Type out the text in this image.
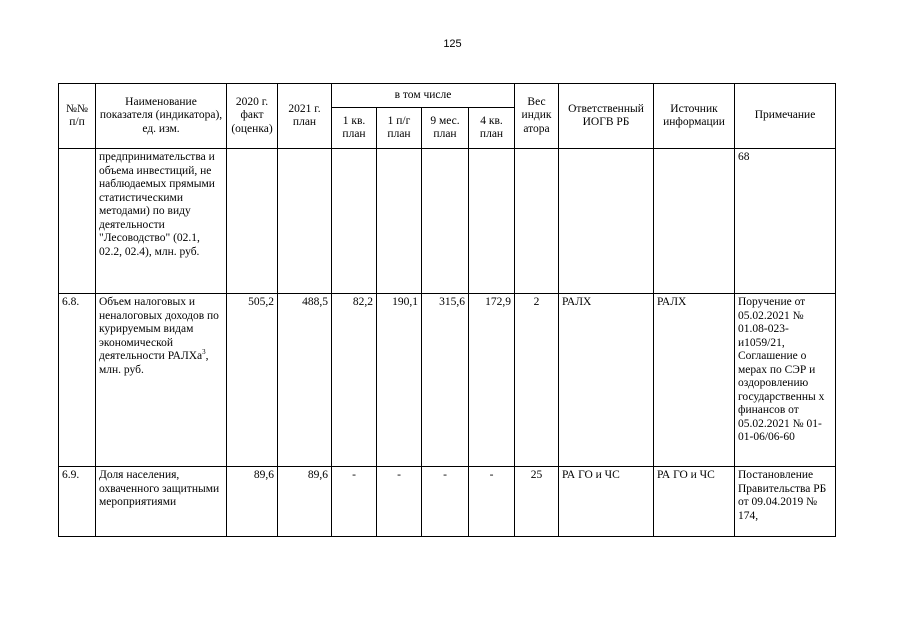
125
№№ п/п	Наименование показателя (индикатора), ед. изм.	2020 г. факт (оценка)	2021 г. план	в том числе				Вес индик атора	Ответственный ИОГВ РБ	Источник информации	Примечание
				1 кв. план	1 п/г план	9 мес. план	4 кв. план				
	предпринимательства и объема инвестиций, не наблюдаемых прямыми статистическими методами) по виду деятельности "Лесоводство" (02.1, 02.2, 02.4), млн. руб.										68
6.8.	Объем налоговых и неналоговых доходов по курируемым видам экономической деятельности РАЛХа$^3$, млн. руб.	505,2	488,5	82,2	190,1	315,6	172,9	2	РАЛХ	РАЛХ	Поручение от 05.02.2021 № 01.08-023-и1059/21, Соглашение о мерах по СЭР и оздоровлению государственны х финансов от 05.02.2021 № 01-01-06/06-60
6.9.	Доля населения, охваченного защитными мероприятиями	89,6	89,6	-	-	-	-	25	РА ГО и ЧС	РА ГО и ЧС	Постановление Правительства РБ от 09.04.2019 № 174,
